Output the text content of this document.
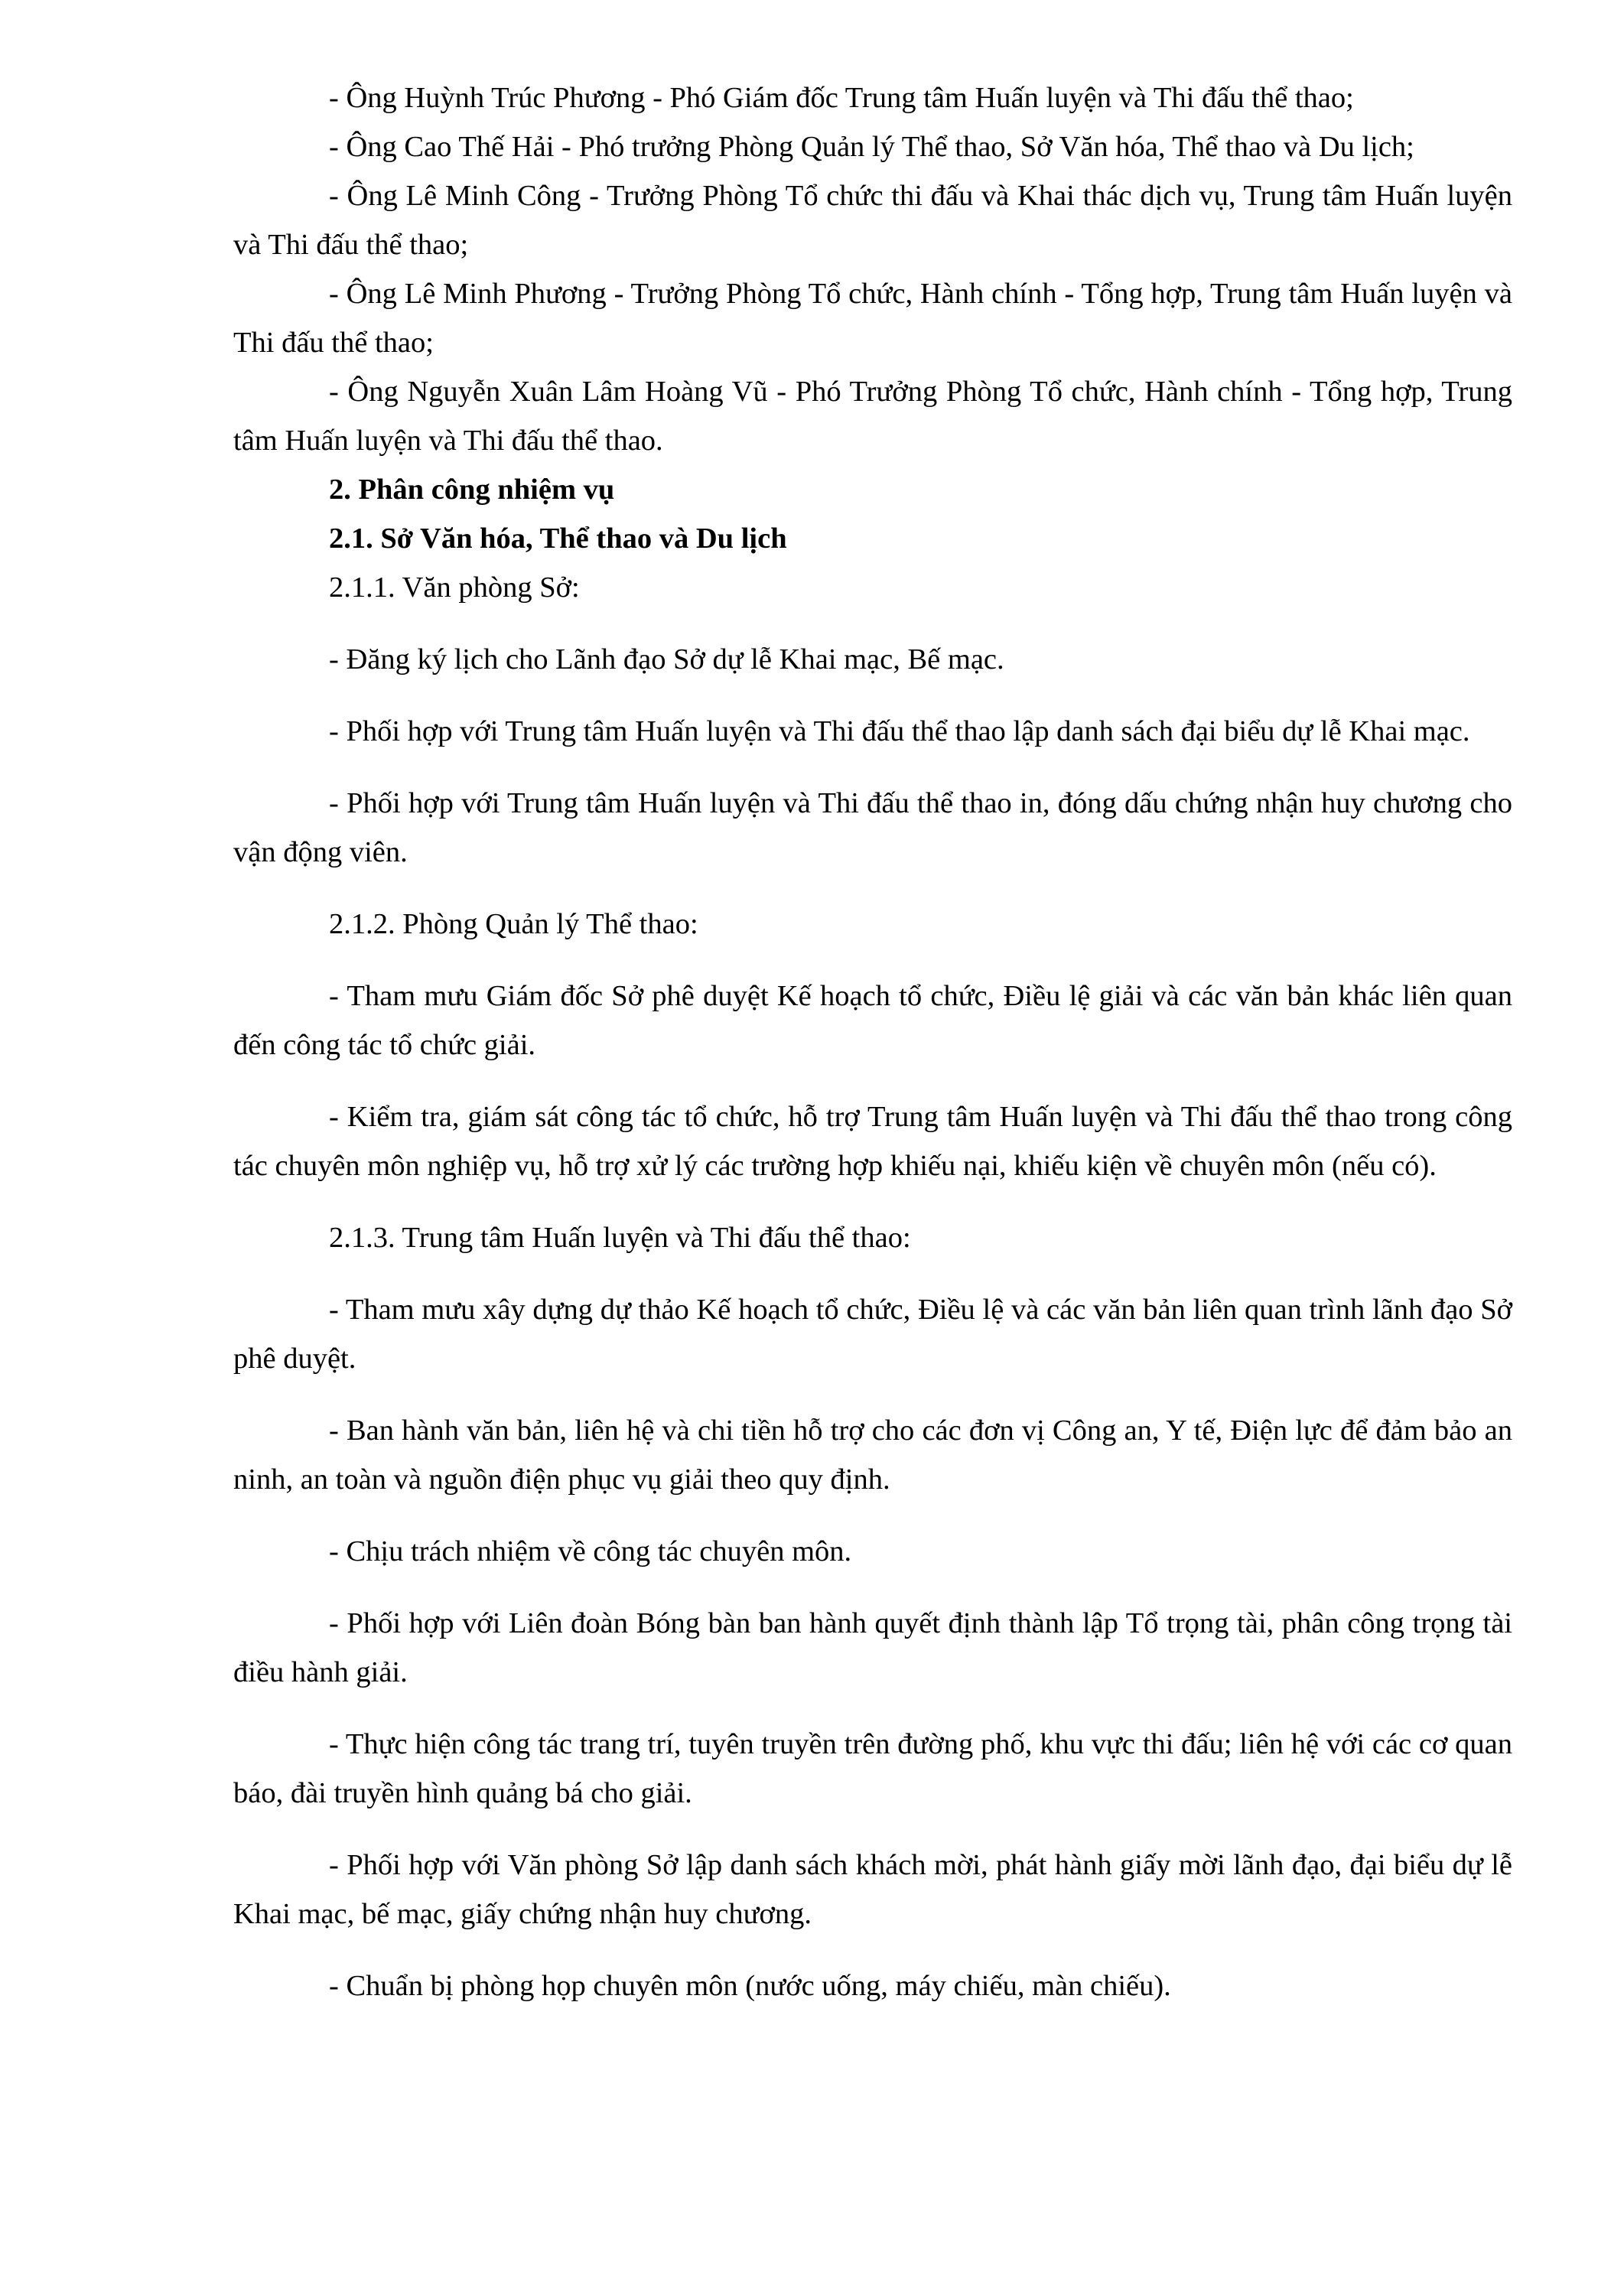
- Ông Huỳnh Trúc Phương - Phó Giám đốc Trung tâm Huấn luyện và Thi đấu thể thao;

- Ông Cao Thế Hải - Phó trưởng Phòng Quản lý Thể thao, Sở Văn hóa, Thể thao và Du lịch;

- Ông Lê Minh Công - Trưởng Phòng Tổ chức thi đấu và Khai thác dịch vụ, Trung tâm Huấn luyện và Thi đấu thể thao;

- Ông Lê Minh Phương - Trưởng Phòng Tổ chức, Hành chính - Tổng hợp, Trung tâm Huấn luyện và Thi đấu thể thao;

- Ông Nguyễn Xuân Lâm Hoàng Vũ - Phó Trưởng Phòng Tổ chức, Hành chính - Tổng hợp, Trung tâm Huấn luyện và Thi đấu thể thao.

2. Phân công nhiệm vụ

2.1. Sở Văn hóa, Thể thao và Du lịch

2.1.1. Văn phòng Sở:

- Đăng ký lịch cho Lãnh đạo Sở dự lễ Khai mạc, Bế mạc.

- Phối hợp với Trung tâm Huấn luyện và Thi đấu thể thao lập danh sách đại biểu dự lễ Khai mạc.

- Phối hợp với Trung tâm Huấn luyện và Thi đấu thể thao in, đóng dấu chứng nhận huy chương cho vận động viên.

2.1.2. Phòng Quản lý Thể thao:

- Tham mưu Giám đốc Sở phê duyệt Kế hoạch tổ chức, Điều lệ giải và các văn bản khác liên quan đến công tác tổ chức giải.

- Kiểm tra, giám sát công tác tổ chức, hỗ trợ Trung tâm Huấn luyện và Thi đấu thể thao trong công tác chuyên môn nghiệp vụ, hỗ trợ xử lý các trường hợp khiếu nại, khiếu kiện về chuyên môn (nếu có).

2.1.3. Trung tâm Huấn luyện và Thi đấu thể thao:

- Tham mưu xây dựng dự thảo Kế hoạch tổ chức, Điều lệ và các văn bản liên quan trình lãnh đạo Sở phê duyệt.

- Ban hành văn bản, liên hệ và chi tiền hỗ trợ cho các đơn vị Công an, Y tế, Điện lực để đảm bảo an ninh, an toàn và nguồn điện phục vụ giải theo quy định.

- Chịu trách nhiệm về công tác chuyên môn.

- Phối hợp với Liên đoàn Bóng bàn ban hành quyết định thành lập Tổ trọng tài, phân công trọng tài điều hành giải.

- Thực hiện công tác trang trí, tuyên truyền trên đường phố, khu vực thi đấu; liên hệ với các cơ quan báo, đài truyền hình quảng bá cho giải.

- Phối hợp với Văn phòng Sở lập danh sách khách mời, phát hành giấy mời lãnh đạo, đại biểu dự lễ Khai mạc, bế mạc, giấy chứng nhận huy chương.

- Chuẩn bị phòng họp chuyên môn (nước uống, máy chiếu, màn chiếu).
